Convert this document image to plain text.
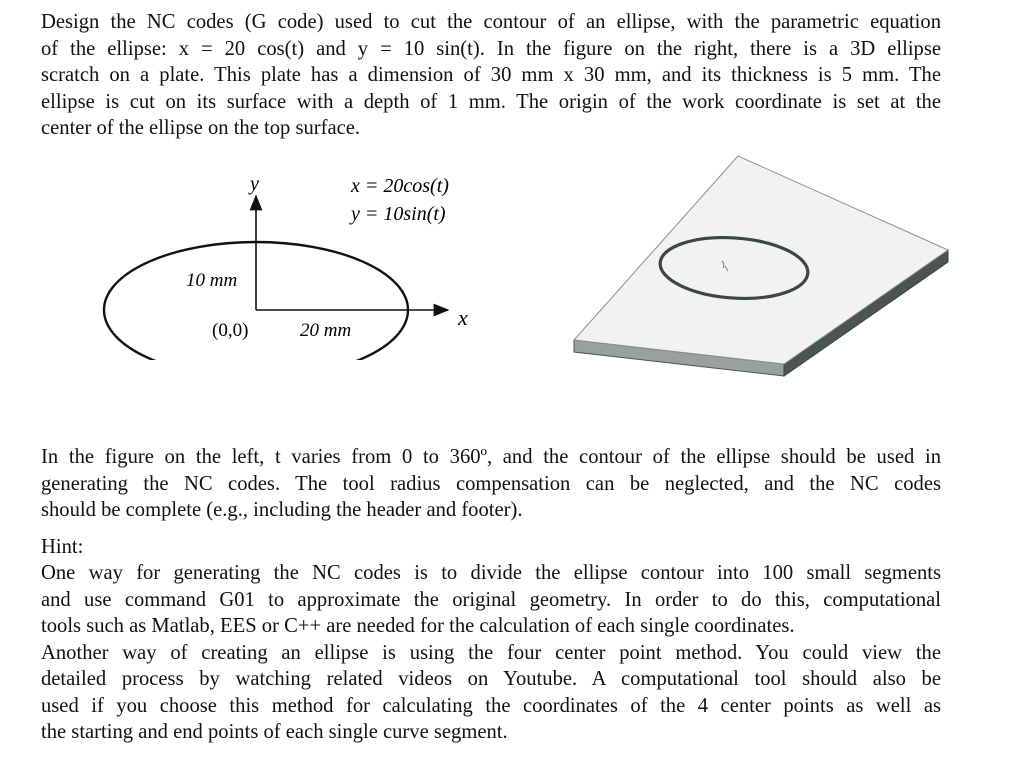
Design the NC codes (G code) used to cut the contour of an ellipse, with the parametric equation
of the ellipse: x = 20 cos(t) and y = 10 sin(t). In the figure on the right, there is a 3D ellipse
scratch on a plate. This plate has a dimension of 30 mm x 30 mm, and its thickness is 5 mm. The
ellipse is cut on its surface with a depth of 1 mm. The origin of the work coordinate is set at the
center of the ellipse on the top surface.
y
x
x = 20cos(t)
y = 10sin(t)
10 mm
(0,0)	20 mm
In the figure on the left, t varies from 0 to 360º, and the contour of the ellipse should be used in
generating the NC codes. The tool radius compensation can be neglected, and the NC codes
should be complete (e.g., including the header and footer).
Hint:
One way for generating the NC codes is to divide the ellipse contour into 100 small segments
and use command G01 to approximate the original geometry. In order to do this, computational
tools such as Matlab, EES or C++ are needed for the calculation of each single coordinates.
Another way of creating an ellipse is using the four center point method. You could view the
detailed process by watching related videos on Youtube. A computational tool should also be
used if you choose this method for calculating the coordinates of the 4 center points as well as
the starting and end points of each single curve segment.
